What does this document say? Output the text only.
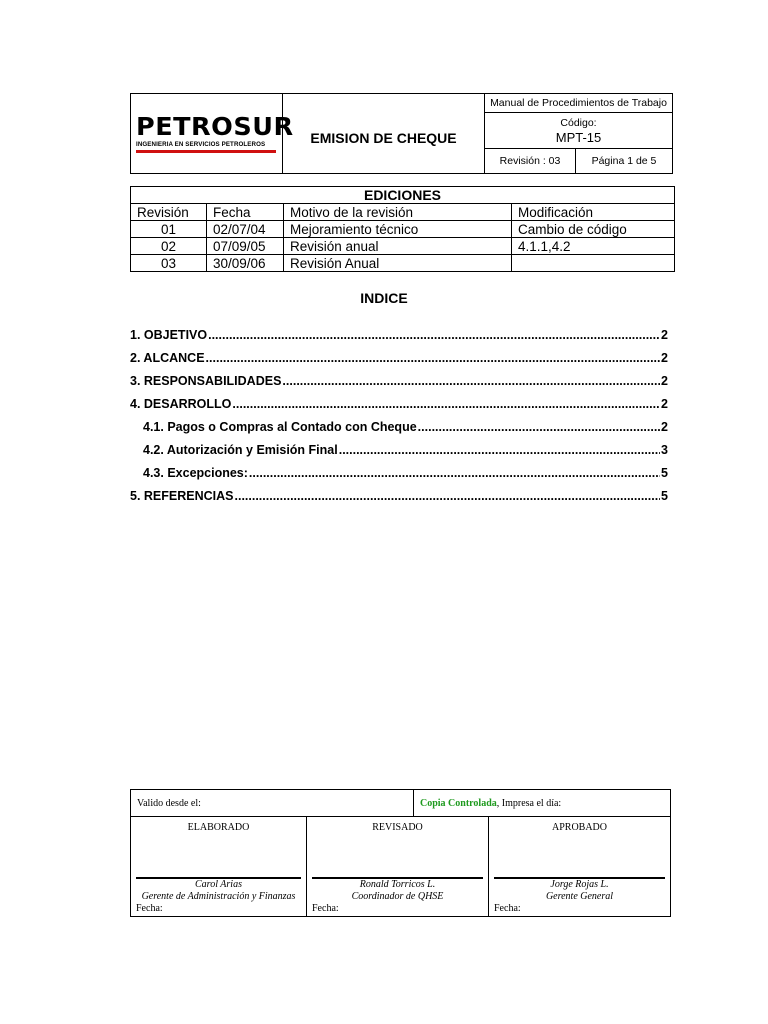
PETROSUR
INGENIERIA EN SERVICIOS PETROLEROS	EMISION DE CHEQUE
Manual de Procedimientos de Trabajo
Código:
MPT-15
Revisión : 03	Página 1 de 5
EDICIONES			
Revisión	Fecha	Motivo de la revisión	Modificación
01	02/07/04	Mejoramiento técnico	Cambio de código
02	07/09/05	Revisión anual	4.1.1,4.2
03	30/09/06	Revisión Anual	
INDICE
1. OBJETIVO .....	2
2. ALCANCE .....	2
3. RESPONSABILIDADES .....	2
4. DESARROLLO .....	2
4.1. Pagos o Compras al Contado con Cheque .....	2
4.2. Autorización y Emisión Final .....	3
4.3. Excepciones: .....	5
5. REFERENCIAS .....	5
Valido desde el:	Copia Controlada , Impresa el día:
ELABORADO
Carol Arias
Gerente de Administración y Finanzas
Fecha:
REVISADO
Ronald Torricos L.
Coordinador de QHSE
Fecha:
APROBADO
Jorge Rojas L.
Gerente General
Fecha:
